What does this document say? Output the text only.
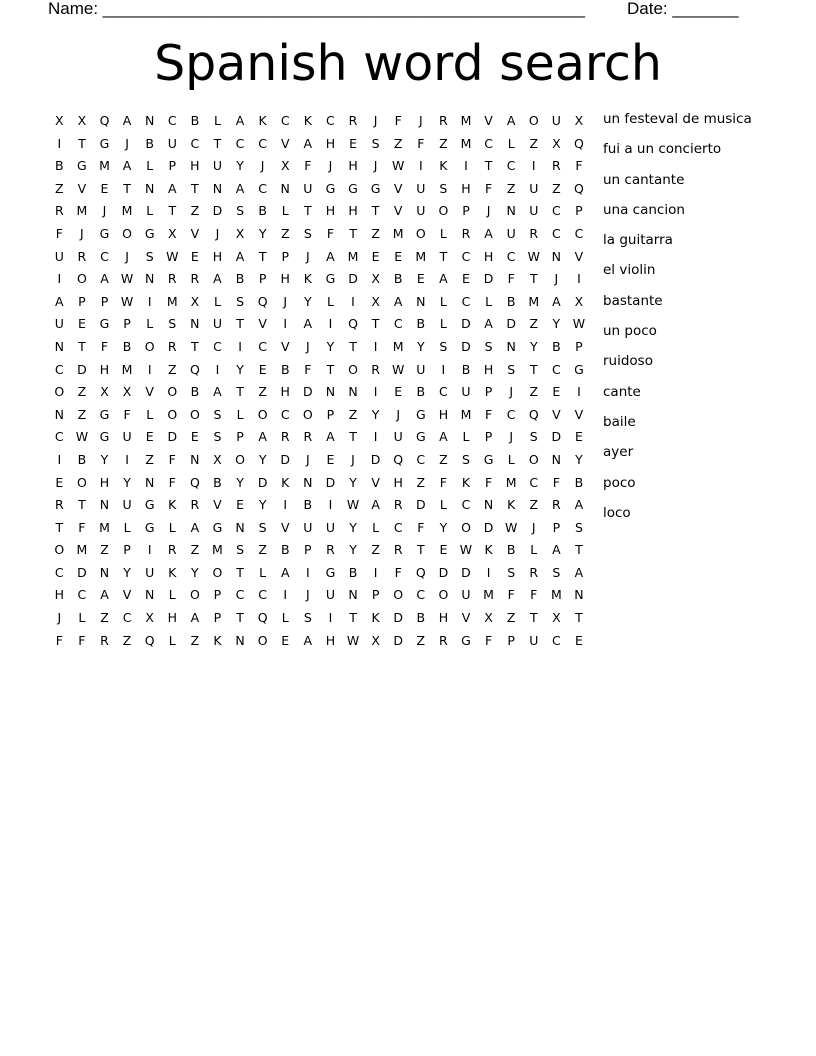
Name: ___________________________________________________ Date: _______
Spanish word search
X	X	Q	A	N	C	B	L	A	K	C	K	C	R	J	F	J	R	M	V	A	O	U	X
I	T	G	J	B	U	C	T	C	C	V	A	H	E	S	Z	F	Z	M	C	L	Z	X	Q
B	G M	A	L	P	H	U	Y	J	X	F	J	H	J	W	I	K	I	T	C	I	R	F
Z	V	E	T	N	A	T	N	A	C	N	U	G	G	G	V	U	S	H	F	Z	U	Z	Q
R	M	J	M	L	T	Z	D	S	B	L	T	H	H	T	V	U	O	P	J	N	U	C	P
F	J	G	O	G	X	V	J	X	Y	Z	S	F	T	Z	M O	L	R	A	U	R	C	C
U	R	C	J	S W E	H	A	T	P	J	A	M	E	E	M	T	C	H	C W N	V
I	O	A W N	R	R	A	B	P	H	K	G	D	X	B	E	A	E	D	F	T	J	I
A	P	P	W	I	M	X	L	S	Q	J	Y	L	I	X	A	N	L	C	L	B	M	A	X
U	E	G	P	L	S	N	U	T	V	I	A	I	Q	T	C	B	L	D	A	D	Z	Y	W
N	T	F	B	O	R	T	C	I	C	V	J	Y	T	I	M	Y	S	D	S	N	Y	B	P
C	D	H M	I	Z	Q	I	Y	E	B	F	T	O	R W U	I	B	H	S	T	C	G
O	Z	X	X	V	O	B	A	T	Z	H	D	N	N	I	E	B	C	U	P	J	Z	E	I
N	Z	G	F	L	O	O	S	L	O	C	O	P	Z	Y	J	G	H M	F	C	Q	V	V
C W G	U	E	D	E	S	P	A	R	R	A	T	I	U	G	A	L	P	J	S	D	E
I	B	Y	I	Z	F	N	X	O	Y	D	J	E	J	D	Q	C	Z	S	G	L	O	N	Y
E	O	H	Y	N	F	Q	B	Y	D	K	N	D	Y	V	H	Z	F	K	F	M	C	F	B
R	T	N	U	G	K	R	V	E	Y	I	B	I	W A	R	D	L	C	N	K	Z	R	A
T	F	M	L	G	L	A	G	N	S	V	U	U	Y	L	C	F	Y	O	D W	J	P	S
O M	Z	P	I	R	Z	M	S	Z	B	P	R	Y	Z	R	T	E W K	B	L	A	T
C	D	N	Y	U	K	Y	O	T	L	A	I	G	B	I	F	Q	D	D	I	S	R	S	A
H	C	A	V	N	L	O	P	C	C	I	J	U	N	P	O	C	O	U	M	F	F	M	N
J	L	Z	C	X	H	A	P	T	Q	L	S	I	T	K	D	B	H	V	X	Z	T	X	T
F	F	R	Z	Q	L	Z	K	N	O	E	A	H W X	D	Z	R	G	F	P	U	C	E
un festeval de musica
fui a un concierto
un cantante
una cancion
la guitarra
el violin
bastante
un poco
ruidoso
cante
baile
ayer
poco
loco
